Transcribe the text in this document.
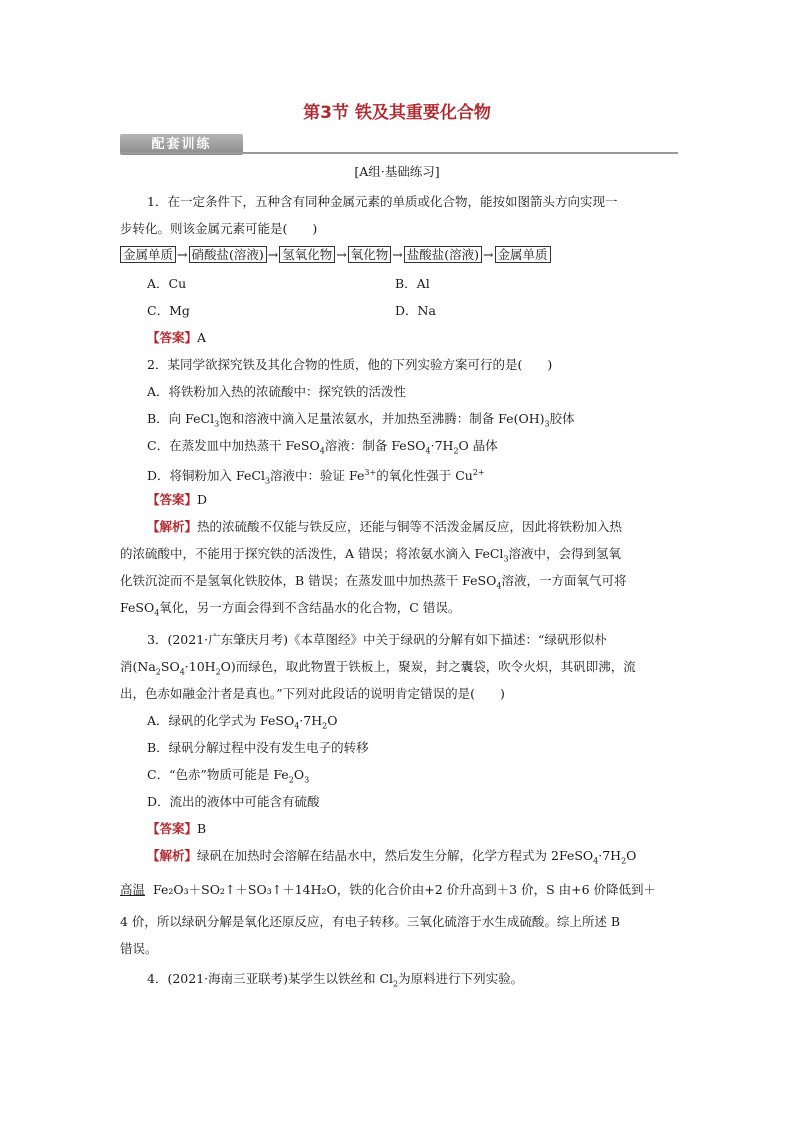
第3节 铁及其重要化合物
配套训练
[A组·基础练习]
1．在一定条件下，五种含有同种金属元素的单质或化合物，能按如图箭头方向实现一
步转化。则该金属元素可能是(　　)
金属单质 → 硝酸盐(溶液) → 氢氧化物 → 氧化物 → 盐酸盐(溶液) → 金属单质
A．Cu	B．Al
C．Mg	D．Na
【答案】A
2．某同学欲探究铁及其化合物的性质，他的下列实验方案可行的是(　　)
A．将铁粉加入热的浓硫酸中：探究铁的活泼性
B．向 FeCl$_3$饱和溶液中滴入足量浓氨水，并加热至沸腾：制备 $Fe(OH)_3$胶体
C．在蒸发皿中加热蒸干 FeSO$_4$溶液：制备 $FeSO_4\cdot 7H_2O$ 晶体
D．将铜粉加入 FeCl$_3$溶液中：验证 $Fe^{3+}$的氧化性强于 $Cu^{2+}$
【答案】D
【解析】热的浓硫酸不仅能与铁反应，还能与铜等不活泼金属反应，因此将铁粉加入热
的浓硫酸中，不能用于探究铁的活泼性，A 错误；将浓氨水滴入 FeCl$_3$溶液中，会得到氢氧
化铁沉淀而不是氢氧化铁胶体，B 错误；在蒸发皿中加热蒸干 FeSO$_4$溶液，一方面氧气可将
FeSO$_4$氧化，另一方面会得到不含结晶水的化合物，C 错误。
3．(2021·广东肇庆月考)《本草图经》中关于绿矾的分解有如下描述：“绿矾形似朴
消$(Na_2SO_4\cdot 10H_2O)$而绿色，取此物置于铁板上，聚炭，封之囊袋，吹令火炽，其矾即沸，流
出，色赤如融金汁者是真也。”下列对此段话的说明肯定错误的是(　　)
A．绿矾的化学式为 $FeSO_4\cdot 7H_2O$
B．绿矾分解过程中没有发生电子的转移
C．“色赤”物质可能是 $Fe_2O_3$
D．流出的液体中可能含有硫酸
【答案】B
【解析】绿矾在加热时会溶解在结晶水中，然后发生分解，化学方程式为 $2FeSO_4\cdot 7H_2O$
高温 Fe₂O₃＋SO₂↑＋SO₃↑＋14H₂O，铁的化合价由+2 价升高到＋3 价，S 由+6 价降低到＋
4 价，所以绿矾分解是氧化还原反应，有电子转移。三氧化硫溶于水生成硫酸。综上所述 B
错误。
4．(2021·海南三亚联考)某学生以铁丝和 $Cl_2$为原料进行下列实验。
